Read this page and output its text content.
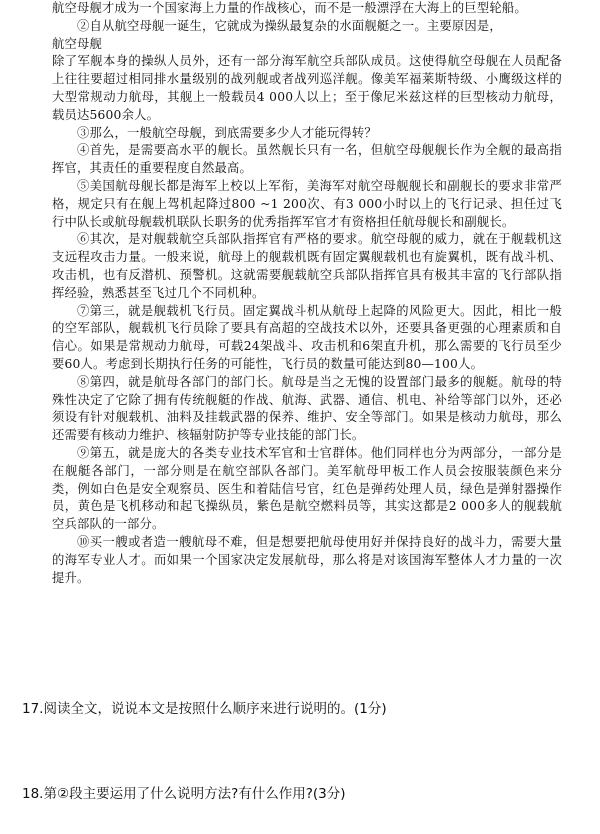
航空母舰才成为一个国家海上力量的作战核心，而不是一般漂浮在大海上的巨型轮船。

②自从航空母舰一诞生，它就成为操纵最复杂的水面舰艇之一。主要原因是，

航空母舰

除了军舰本身的操纵人员外，还有一部分海军航空兵部队成员。这使得航空母舰在人员配备上往往要超过相同排水量级别的战列舰或者战列巡洋舰。像美军福莱斯特级、小鹰级这样的大型常规动力航母，其舰上一般载员4 000人以上；至于像尼米兹这样的巨型核动力航母，载员达5600余人。

③那么，一般航空母舰，到底需要多少人才能玩得转？

④首先，是需要高水平的舰长。虽然舰长只有一名，但航空母舰舰长作为全舰的最高指挥官，其责任的重要程度自然最高。

⑤美国航母舰长都是海军上校以上军衔，美海军对航空母舰舰长和副舰长的要求非常严格，规定只有在舰上驾机起降过800 ~1 200次、有3 000小时以上的飞行记录、担任过飞行中队长或航母舰载机联队长职务的优秀指挥军官才有资格担任航母舰长和副舰长。

⑥其次，是对舰载航空兵部队指挥官有严格的要求。航空母舰的威力，就在于舰载机这支远程攻击力量。一般来说，航母上的舰载机既有固定翼舰载机也有旋翼机，既有战斗机、攻击机，也有反潜机、预警机。这就需要舰载航空兵部队指挥官具有极其丰富的飞行部队指挥经验，熟悉甚至飞过几个不同机种。

⑦第三，就是舰载机飞行员。固定翼战斗机从航母上起降的风险更大。因此，相比一般的空军部队，舰载机飞行员除了要具有高超的空战技术以外，还要具备更强的心理素质和自信心。如果是常规动力航母，可载24架战斗、攻击机和6架直升机，那么需要的飞行员至少要60人。考虑到长期执行任务的可能性，飞行员的数量可能达到80—100人。

⑧第四，就是航母各部门的部门长。航母是当之无愧的设置部门最多的舰艇。航母的特殊性决定了它除了拥有传统舰艇的作战、航海、武器、通信、机电、补给等部门以外，还必须设有针对舰载机、油料及挂载武器的保养、维护、安全等部门。如果是核动力航母，那么还需要有核动力维护、核辐射防护等专业技能的部门长。

⑨第五，就是庞大的各类专业技术军官和士官群体。他们同样也分为两部分，一部分是在舰艇各部门，一部分则是在航空部队各部门。美军航母甲板工作人员会按服装颜色来分类，例如白色是安全观察员、医生和着陆信号官，红色是弹药处理人员，绿色是弹射器操作员，黄色是飞机移动和起飞操纵员，紫色是航空燃料员等，其实这都是2 000多人的舰载航空兵部队的一部分。

⑩买一艘或者造一艘航母不难，但是想要把航母使用好并保持良好的战斗力，需要大量的海军专业人才。而如果一个国家决定发展航母，那么将是对该国海军整体人才力量的一次提升。

17.阅读全文，说说本文是按照什么顺序来进行说明的。(1分)
18.第②段主要运用了什么说明方法?有什么作用?(3分)
